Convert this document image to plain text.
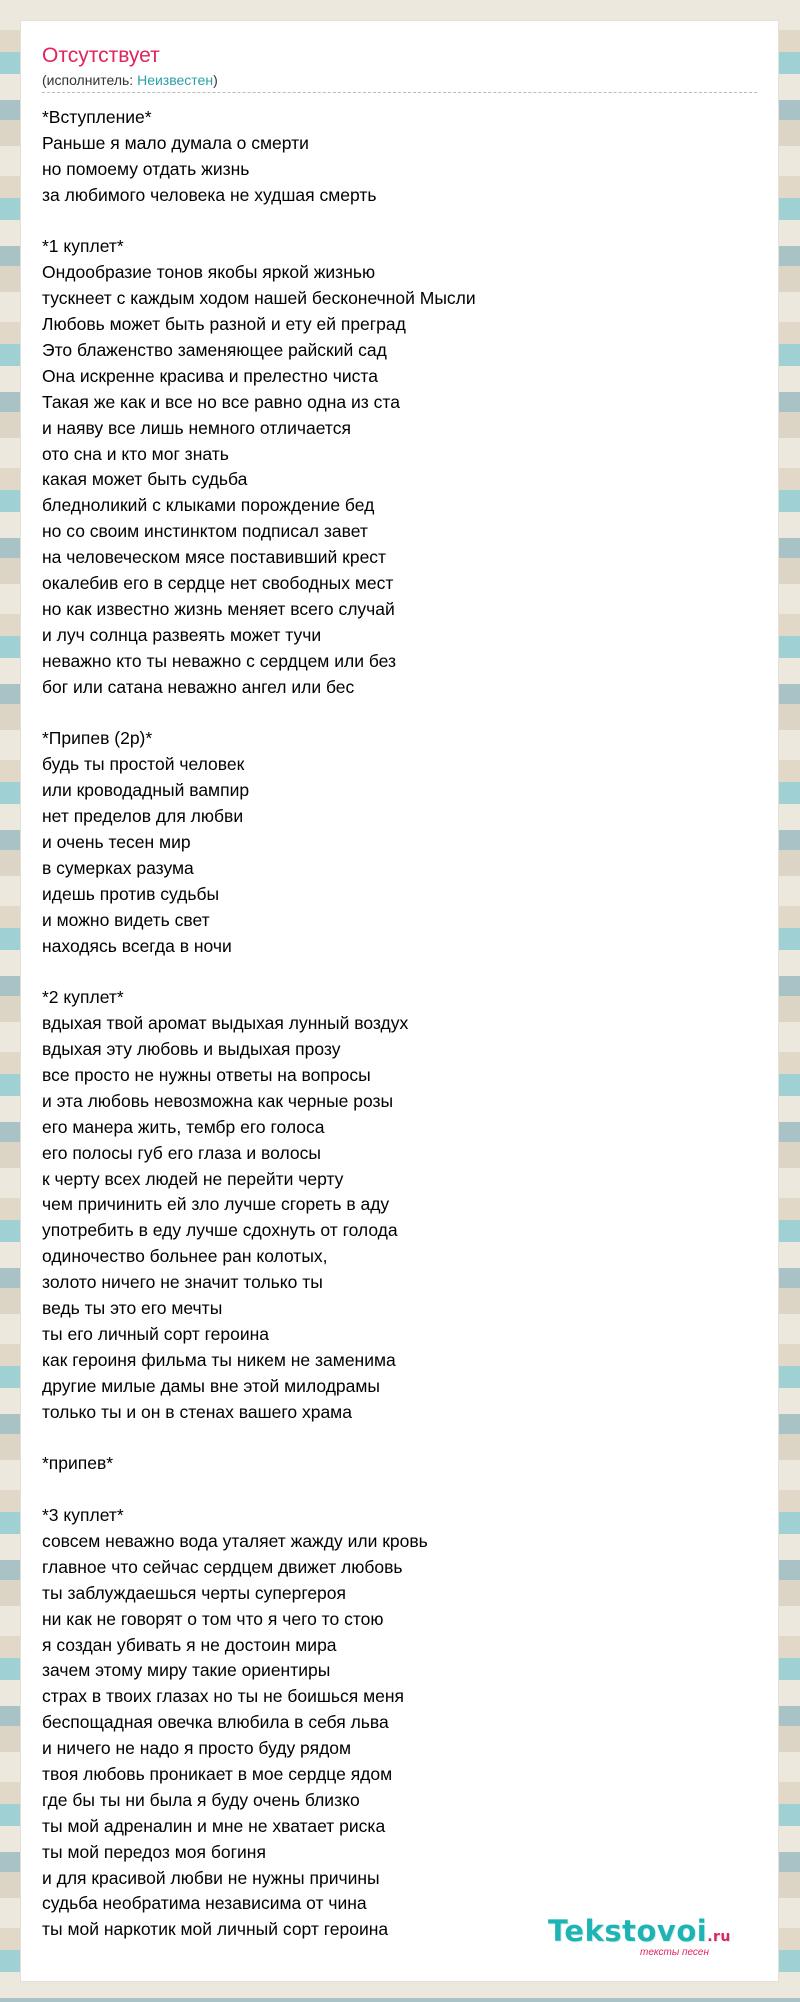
Отсутствует
(исполнитель: Неизвестен)
*Вступление*
Раньше я мало думала о смерти
но помоему отдать жизнь
за любимого человека не худшая смерть
*1 куплет*
Ондообразие тонов якобы яркой жизнью
тускнеет с каждым ходом нашей бесконечной Мысли
Любовь может быть разной и ету ей преград
Это блаженство заменяющее райский сад
Она искренне красива и прелестно чиста
Такая же как и все но все равно одна из ста
и наяву все лишь немного отличается
ото сна и кто мог знать
какая может быть судьба
бледноликий с клыками порождение бед
но со своим инстинктом подписал завет
на человеческом мясе поставивший крест
окалебив его в сердце нет свободных мест
но как известно жизнь меняет всего случай
и луч солнца развеять может тучи
неважно кто ты неважно с сердцем или без
бог или сатана неважно ангел или бес
*Припев (2р)*
будь ты простой человек
или кроводадный вампир
нет пределов для любви
и очень тесен мир
в сумерках разума
идешь против судьбы
и можно видеть свет
находясь всегда в ночи
*2 куплет*
вдыхая твой аромат выдыхая лунный воздух
вдыхая эту любовь и выдыхая прозу
все просто не нужны ответы на вопросы
и эта любовь невозможна как черные розы
его манера жить, тембр его голоса
его полосы губ его глаза и волосы
к черту всех людей не перейти черту
чем причинить ей зло лучше сгореть в аду
употребить в еду лучше сдохнуть от голода
одиночество больнее ран колотых,
золото ничего не значит только ты
ведь ты это его мечты
ты его личный сорт героина
как героиня фильма ты никем не заменима
другие милые дамы вне этой милодрамы
только ты и он в стенах вашего храма
*припев*
*3 куплет*
совсем неважно вода уталяет жажду или кровь
главное что сейчас сердцем движет любовь
ты заблуждаешься черты супергероя
ни как не говорят о том что я чего то стою
я создан убивать я не достоин мира
зачем этому миру такие ориентиры
страх в твоих глазах но ты не боишься меня
беспощадная овечка влюбила в себя льва
и ничего не надо я просто буду рядом
твоя любовь проникает в мое сердце ядом
где бы ты ни была я буду очень близко
ты мой адреналин и мне не хватает риска
ты мой передоз моя богиня
и для красивой любви не нужны причины
судьба необратима независима от чина
ты мой наркотик мой личный сорт героина	Tekstovoi.ru
тексты песен
